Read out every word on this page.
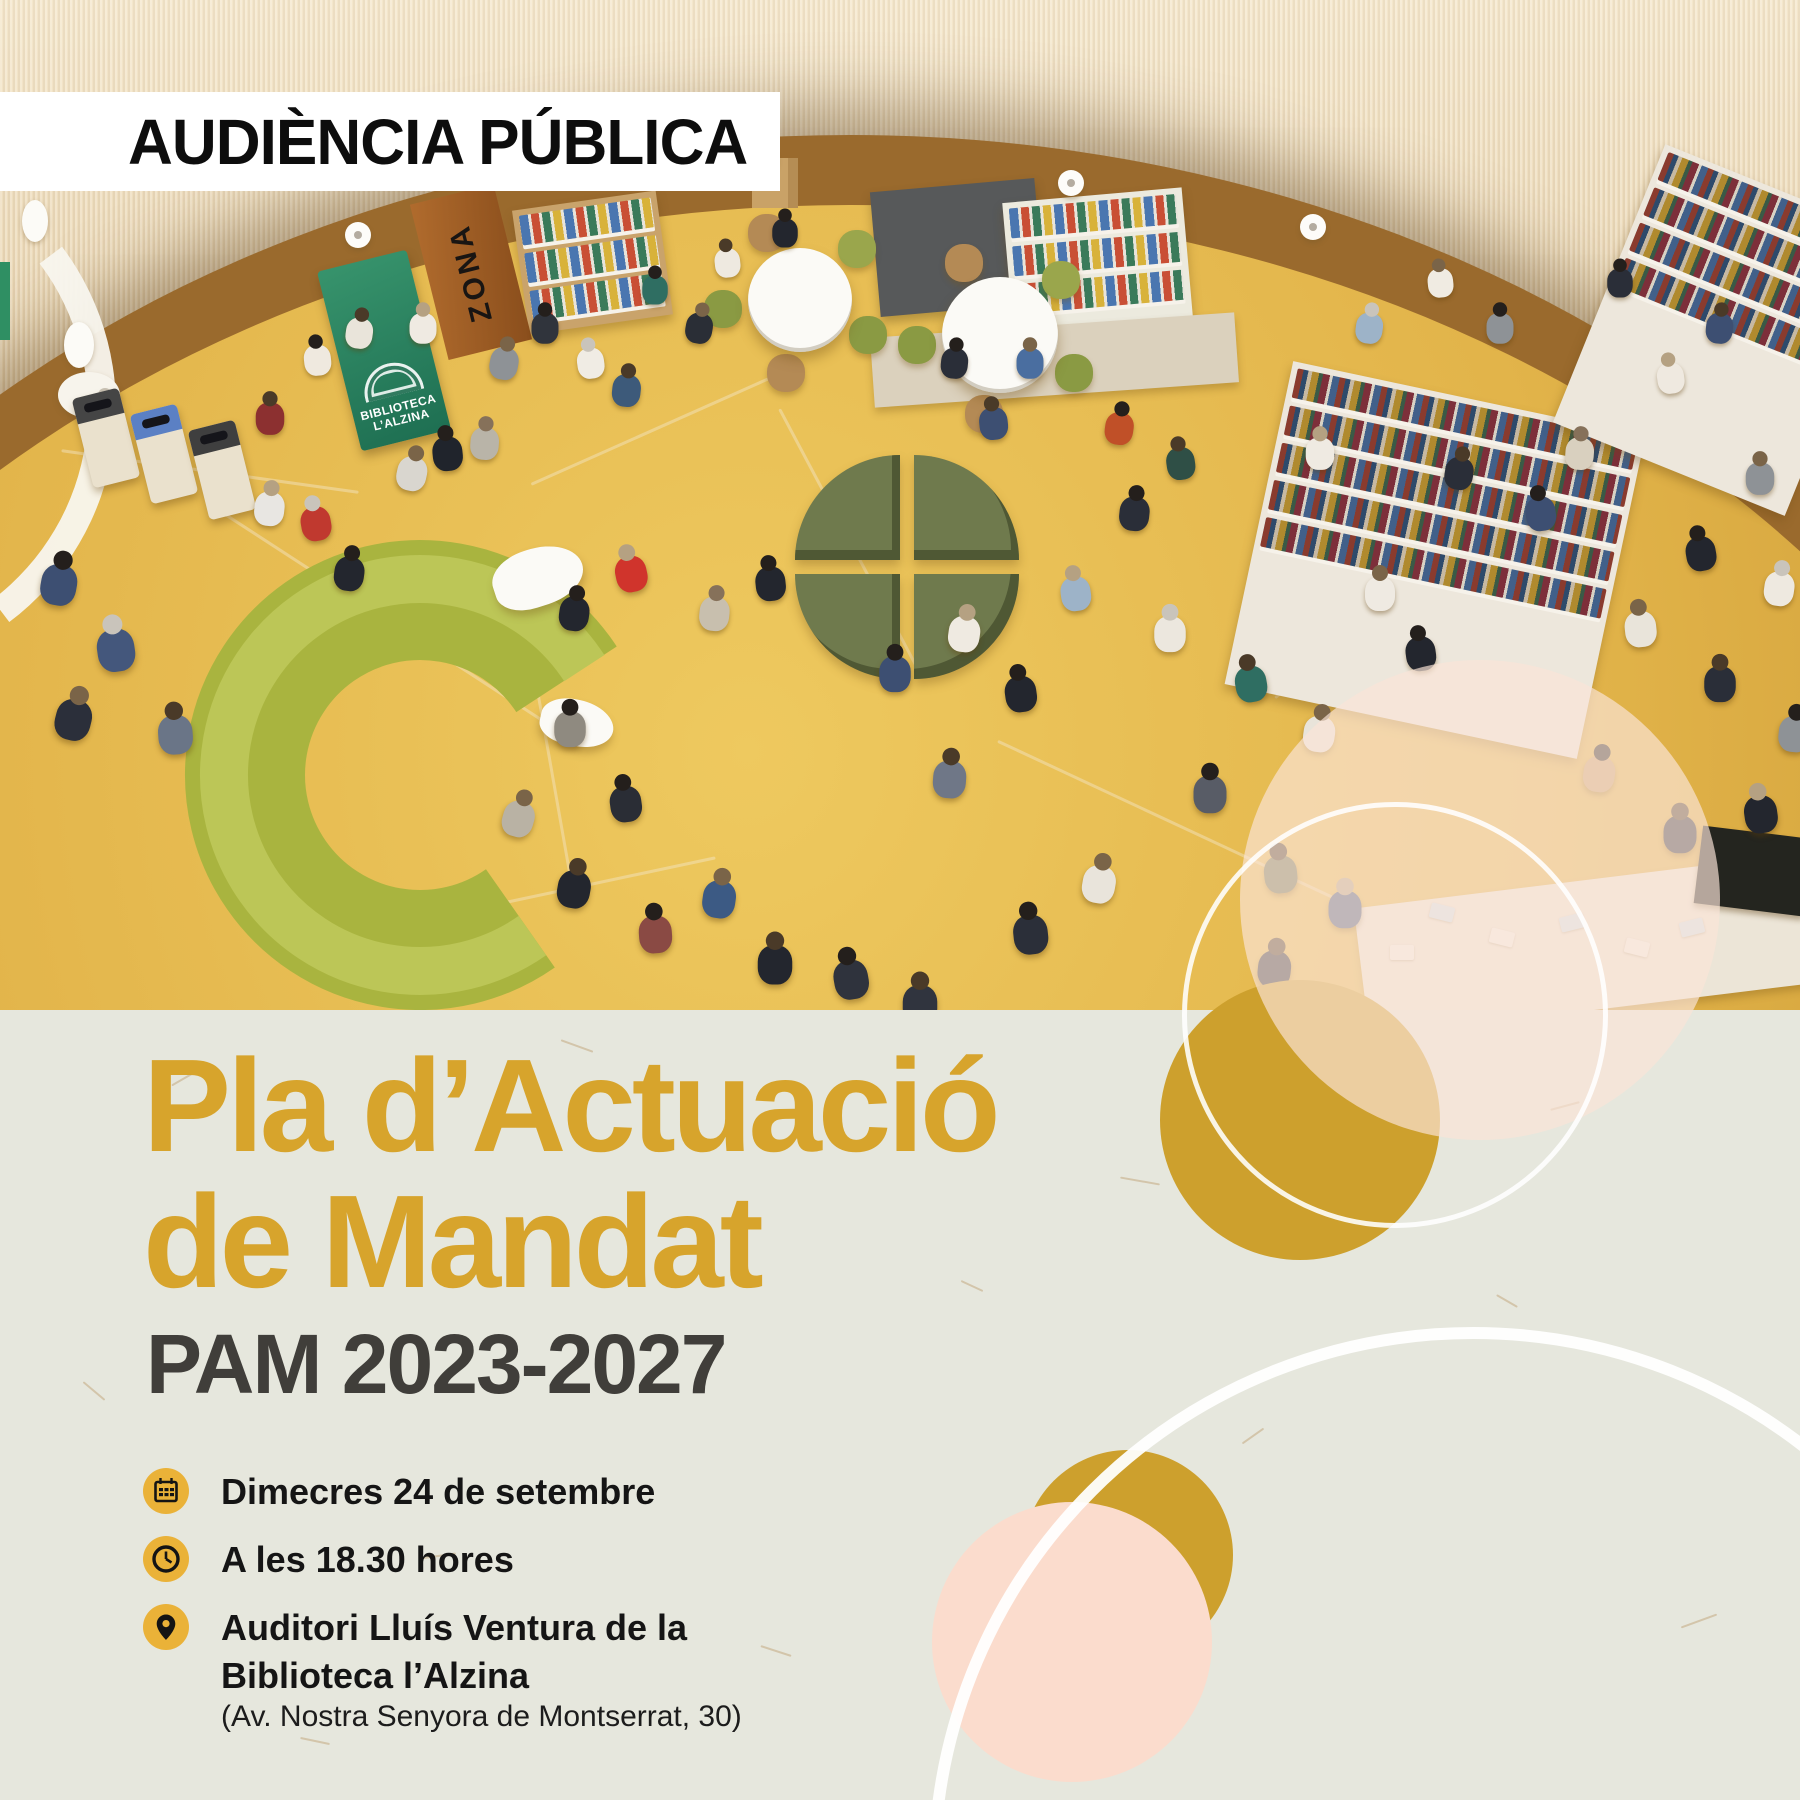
BIBLIOTECA L’ALZINA
ZONA
AUDIÈNCIA PÚBLICA
Pla d’Actuació
de Mandat
PAM 2023-2027
Dimecres 24 de setembre
A les 18.30 hores
Auditori Lluís Ventura de la
Biblioteca l’Alzina
(Av. Nostra Senyora de Montserrat, 30)
